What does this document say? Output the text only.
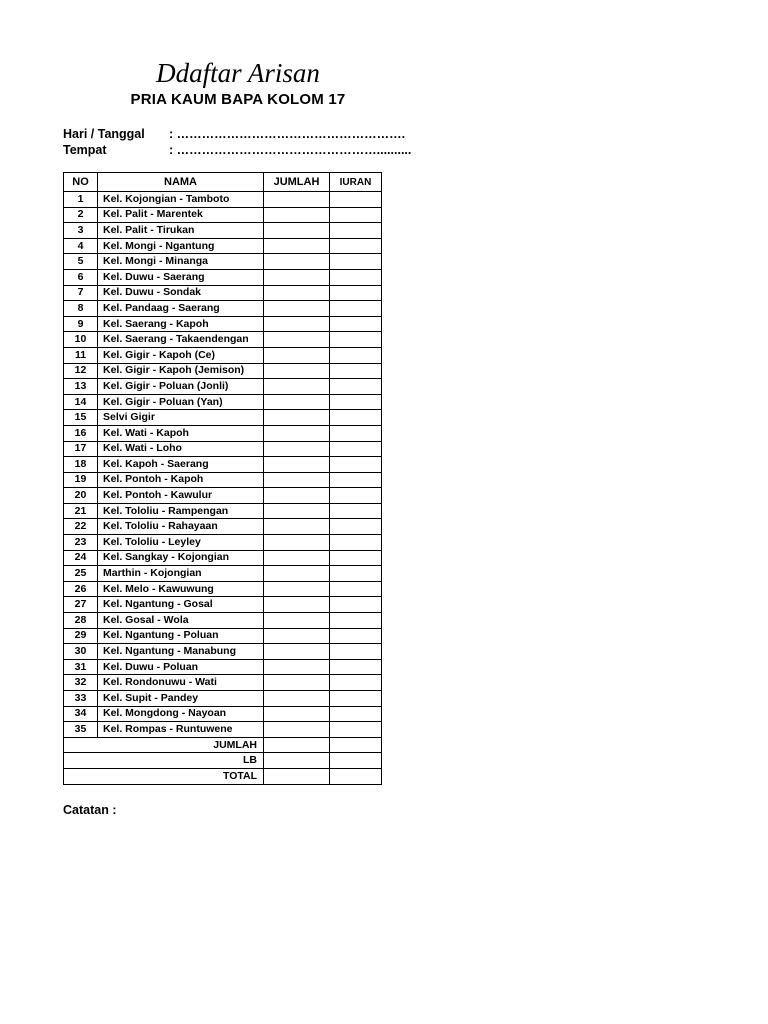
Ddaftar Arisan
PRIA KAUM BAPA KOLOM 17
Hari / Tanggal : ……………………………………………….
Tempat	: …………………………………………..........
NO	NAMA	JUMLAH	IURAN
1	Kel. Kojongian - Tamboto		
2	Kel. Palit - Marentek		
3	Kel. Palit - Tirukan		
4	Kel. Mongi - Ngantung		
5	Kel. Mongi - Minanga		
6	Kel. Duwu - Saerang		
7	Kel. Duwu - Sondak		
8	Kel. Pandaag - Saerang		
9	Kel. Saerang - Kapoh		
10	Kel. Saerang - Takaendengan		
11	Kel. Gigir - Kapoh (Ce)		
12	Kel. Gigir - Kapoh (Jemison)		
13	Kel. Gigir - Poluan (Jonli)		
14	Kel. Gigir - Poluan (Yan)		
15	Selvi Gigir		
16	Kel. Wati - Kapoh		
17	Kel. Wati - Loho		
18	Kel. Kapoh - Saerang		
19	Kel. Pontoh - Kapoh		
20	Kel. Pontoh - Kawulur		
21	Kel. Tololiu - Rampengan		
22	Kel. Tololiu - Rahayaan		
23	Kel. Tololiu - Leyley		
24	Kel. Sangkay - Kojongian		
25	Marthin - Kojongian		
26	Kel. Melo - Kawuwung		
27	Kel. Ngantung - Gosal		
28	Kel. Gosal - Wola		
29	Kel. Ngantung - Poluan		
30	Kel. Ngantung - Manabung		
31	Kel. Duwu - Poluan		
32	Kel. Rondonuwu - Wati		
33	Kel. Supit - Pandey		
34	Kel. Mongdong - Nayoan		
35	Kel. Rompas - Runtuwene		
JUMLAH			
LB			
TOTAL			
Catatan :
